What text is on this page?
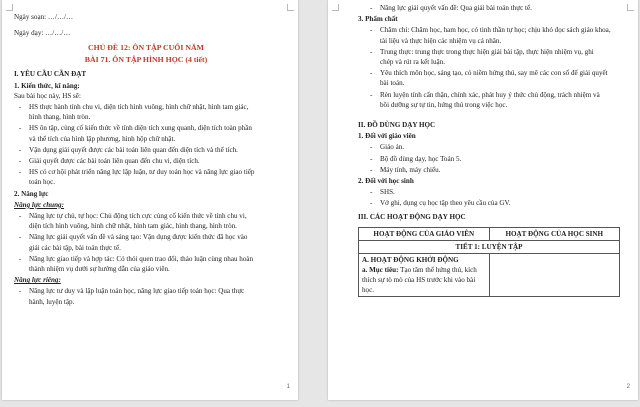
Ngày soạn: …/…/…
Ngày dạy: …/…/…
CHỦ ĐỀ 12: ÔN TẬP CUỐI NĂM
BÀI 71. ÔN TẬP HÌNH HỌC (4 tiết)
I. YÊU CẦU CẦN ĐẠT
1. Kiến thức, kĩ năng:
Sau bài học này, HS sẽ:
- HS thực hành tính chu vi, diện tích hình vuông, hình chữ nhật, hình tam giác,
hình thang, hình tròn.
- HS ôn tập, củng cố kiến thức về tính diện tích xung quanh, diện tích toàn phần
và thể tích của hình lập phương, hình hộp chữ nhật.
- Vận dụng giải quyết được các bài toán liên quan đến diện tích và thể tích.
- Giải quyết được các bài toán liên quan đến chu vi, diện tích.
- HS có cơ hội phát triển năng lực lập luận, tư duy toán học và năng lực giao tiếp
toán học.
2. Năng lực
Năng lực chung:
- Năng lực tự chủ, tự học: Chủ động tích cực củng cố kiến thức về tính chu vi,
diện tích hình vuông, hình chữ nhật, hình tam giác, hình thang, hình tròn.
- Năng lực giải quyết vấn đề và sáng tạo: Vận dụng được kiến thức đã học vào
giải các bài tập, bài toán thực tế.
- Năng lực giao tiếp và hợp tác: Có thói quen trao đổi, thảo luận cùng nhau hoàn
thành nhiệm vụ dưới sự hướng dẫn của giáo viên.
Năng lực riêng:
- Năng lực tư duy và lập luận toán học, năng lực giao tiếp toán học: Qua thực
hành, luyện tập.
1
- Năng lực giải quyết vấn đề: Qua giải bài toán thực tế.
3. Phẩm chất
- Chăm chỉ: Chăm học, ham học, có tinh thần tự học; chịu khó đọc sách giáo khoa,
tài liệu và thực hiện các nhiệm vụ cá nhân.
- Trung thực: trung thực trong thực hiện giải bài tập, thực hiện nhiệm vụ, ghi
chép và rút ra kết luận.
- Yêu thích môn học, sáng tạo, có niềm hứng thú, say mê các con số để giải quyết
bài toán.
- Rèn luyện tính cẩn thận, chính xác, phát huy ý thức chủ động, trách nhiệm và
bồi dưỡng sự tự tin, hứng thú trong việc học.
II. ĐỒ DÙNG DẠY HỌC
1. Đối với giáo viên
- Giáo án.
- Bộ đồ dùng dạy, học Toán 5.
- Máy tính, máy chiếu.
2. Đối với học sinh
- SHS.
- Vở ghi, dụng cụ học tập theo yêu cầu của GV.
III. CÁC HOẠT ĐỘNG DẠY HỌC
HOẠT ĐỘNG CỦA GIÁO VIÊN	HOẠT ĐỘNG CỦA HỌC SINH
TIẾT 1: LUYỆN TẬP	

A. HOẠT ĐỘNG KHỞI ĐỘNG
a. Mục tiêu: Tạo tâm thế hứng thú, kích
thích sự tò mò của HS trước khi vào bài học.	

2
